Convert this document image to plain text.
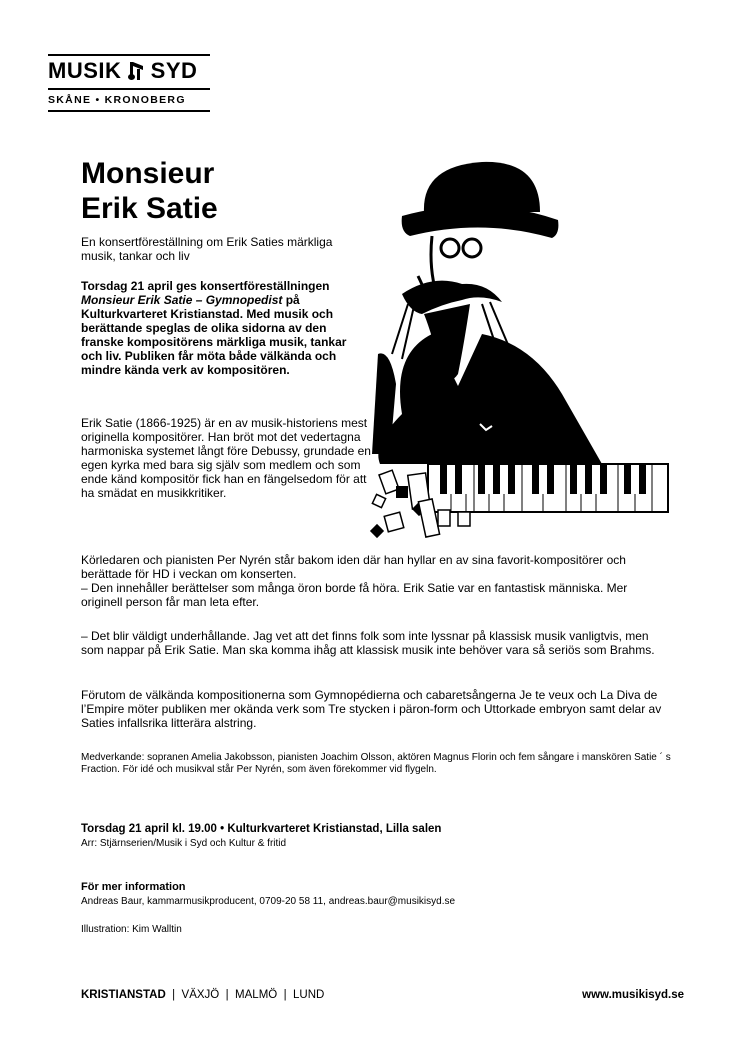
MUSIK SYD
SKÅNE • KRONOBERG
Monsieur
Erik Satie
En konsertföreställning om Erik Saties märkliga musik, tankar och liv
Torsdag 21 april ges konsertföreställningen Monsieur Erik Satie – Gymnopedist på Kulturkvarteret Kristianstad. Med musik och berättande speglas de olika sidorna av den franske kompositörens märkliga musik, tankar och liv. Publiken får möta både välkända och mindre kända verk av kompositören.
Erik Satie (1866-1925) är en av musik-historiens mest originella kompositörer. Han bröt mot det vedertagna harmoniska systemet långt före Debussy, grundade en egen kyrka med bara sig själv som medlem och som ende känd kompositör fick han en fängelsedom för att ha smädat en musikkritiker.
Körledaren och pianisten Per Nyrén står bakom iden där han hyllar en av sina favorit-kompositörer och berättade för HD i veckan om konserten.
– Den innehåller berättelser som många öron borde få höra. Erik Satie var en fantastisk människa. Mer originell person får man leta efter.
– Det blir väldigt underhållande. Jag vet att det finns folk som inte lyssnar på klassisk musik vanligtvis, men som nappar på Erik Satie. Man ska komma ihåg att klassisk musik inte behöver vara så seriös som Brahms.
Förutom de välkända kompositionerna som Gymnopédierna och cabaretsångerna Je te veux och La Diva de l’Empire möter publiken mer okända verk som Tre stycken i päron-form och Uttorkade embryon samt delar av Saties infallsrika litterära alstring.
Medverkande: sopranen Amelia Jakobsson, pianisten Joachim Olsson, aktören Magnus Florin och fem sångare i manskören Satie ´ s Fraction. För idé och musikval står Per Nyrén, som även förekommer vid flygeln.
Torsdag 21 april kl. 19.00 • Kulturkvarteret Kristianstad, Lilla salen
Arr: Stjärnserien/Musik i Syd och Kultur & fritid
För mer information
Andreas Baur, kammarmusikproducent, 0709-20 58 11, andreas.baur@musikisyd.se
Illustration: Kim Walltin
KRISTIANSTAD | VÄXJÖ | MALMÖ | LUND	www.musikisyd.se
